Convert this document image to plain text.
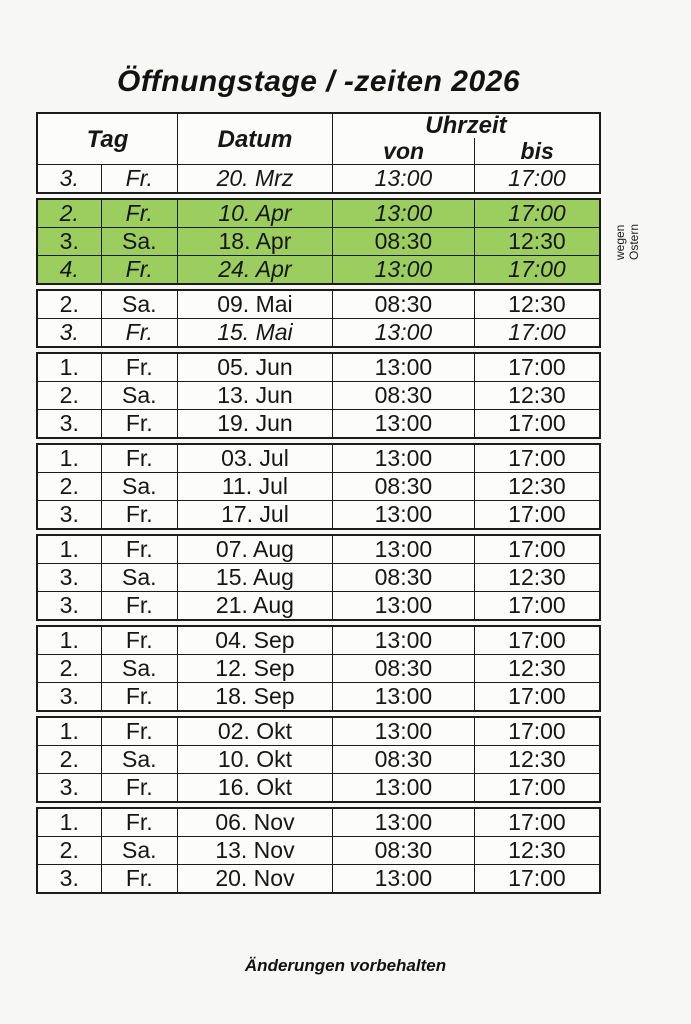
Öffnungstage / -zeiten 2026
Tag	Datum	Uhrzeit
von	bis
3.	Fr.	20. Mrz	13:00	17:00
2.	Fr.	10. Apr	13:00	17:00
3.	Sa.	18. Apr	08:30	12:30
4.	Fr.	24. Apr	13:00	17:00
2.	Sa.	09. Mai	08:30	12:30
3.	Fr.	15. Mai	13:00	17:00
1.	Fr.	05. Jun	13:00	17:00
2.	Sa.	13. Jun	08:30	12:30
3.	Fr.	19. Jun	13:00	17:00
1.	Fr.	03. Jul	13:00	17:00
2.	Sa.	11. Jul	08:30	12:30
3.	Fr.	17. Jul	13:00	17:00
1.	Fr.	07. Aug	13:00	17:00
3.	Sa.	15. Aug	08:30	12:30
3.	Fr.	21. Aug	13:00	17:00
1.	Fr.	04. Sep	13:00	17:00
2.	Sa.	12. Sep	08:30	12:30
3.	Fr.	18. Sep	13:00	17:00
1.	Fr.	02. Okt	13:00	17:00
2.	Sa.	10. Okt	08:30	12:30
3.	Fr.	16. Okt	13:00	17:00
1.	Fr.	06. Nov	13:00	17:00
2.	Sa.	13. Nov	08:30	12:30
3.	Fr.	20. Nov	13:00	17:00
wegen Ostern
Änderungen vorbehalten
